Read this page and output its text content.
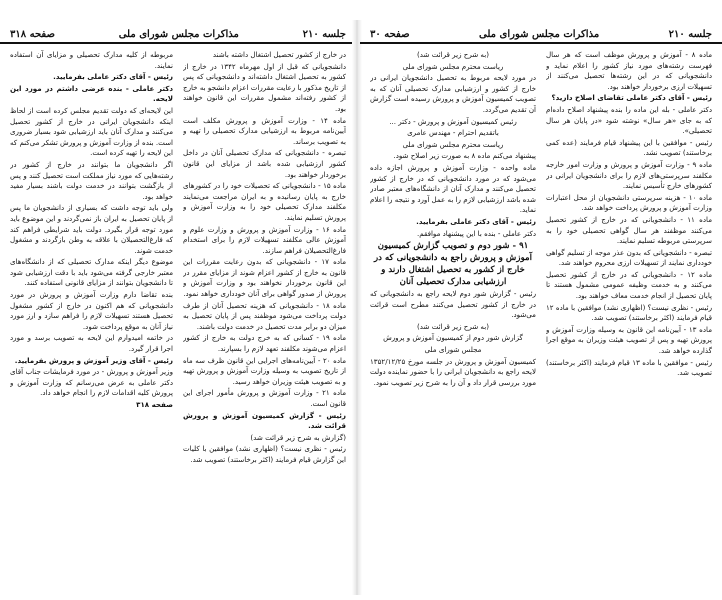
جلسه ۲۱۰
مذاکرات مجلس شورای ملی
صفحه ۳۱۸

در خارج از کشور تحصیل اشتغال داشته باشند

دانشجویانی که قبل از اول مهرماه ۱۳۴۲ در خارج از کشور به تحصیل اشتغال داشته‌اند و دانشجویانی که پس از تاریخ مذکور با رعایت مقررات اعزام دانشجو به خارج از کشور رفته‌اند مشمول مقررات این قانون خواهند بود.

ماده ۱۴ - وزارت آموزش و پرورش مکلف است آیین‌نامه مربوط به ارزشیابی مدارک تحصیلی را تهیه و به تصویب برساند.

تبصره - دانشجویانی که مدارک تحصیلی آنان در داخل کشور ارزشیابی شده باشد از مزایای این قانون برخوردار خواهند بود.

ماده ۱۵ - دانشجویانی که تحصیلات خود را در کشورهای خارج به پایان رسانیده و به ایران مراجعت می‌نمایند مکلفند مدارک تحصیلی خود را به وزارت آموزش و پرورش تسلیم نمایند.

ماده ۱۶ - وزارت آموزش و پرورش و وزارت علوم و آموزش عالی مکلفند تسهیلات لازم را برای استخدام فارغ‌التحصیلان فراهم سازند.

ماده ۱۷ - دانشجویانی که بدون رعایت مقررات این قانون به خارج از کشور اعزام شوند از مزایای مقرر در این قانون برخوردار نخواهند بود و وزارت آموزش و پرورش از صدور گواهی برای آنان خودداری خواهد نمود.

ماده ۱۸ - دانشجویانی که هزینه تحصیل آنان از طرف دولت پرداخت می‌شود موظفند پس از پایان تحصیل به میزان دو برابر مدت تحصیل در خدمت دولت باشند.

ماده ۱۹ - کسانی که به خرج دولت به خارج از کشور اعزام می‌شوند مکلفند تعهد لازم را بسپارند.

ماده ۲۰ - آیین‌نامه‌های اجرایی این قانون ظرف سه ماه از تاریخ تصویب به وسیله وزارت آموزش و پرورش تهیه و به تصویب هیئت وزیران خواهد رسید.

ماده ۲۱ - وزارت آموزش و پرورش مأمور اجرای این قانون است.

رئیس - گزارش کمیسیون آموزش و پرورش قرائت شد.

(گزارش به شرح زیر قرائت شد)

رئیس - نظری نیست؟ (اظهاری نشد) موافقین با کلیات این گزارش قیام فرمایند (اکثر برخاستند) تصویب شد.

مربوطه از کلیه مدارک تحصیلی و مزایای آن استفاده نمایند.

رئیس - آقای دکتر عاملی بفرمایید.

دکتر عاملی - بنده عرضی داشتم در مورد این لایحه.

این لایحه‌ای که دولت تقدیم مجلس کرده است از لحاظ اینکه دانشجویان ایرانی در خارج از کشور تحصیل می‌کنند و مدارک آنان باید ارزشیابی شود بسیار ضروری است. بنده از وزارت آموزش و پرورش تشکر می‌کنم که این لایحه را تهیه کرده است.

اگر دانشجویان ما بتوانند در خارج از کشور در رشته‌هایی که مورد نیاز مملکت است تحصیل کنند و پس از بازگشت بتوانند در خدمت دولت باشند بسیار مفید خواهد بود.

ولی باید توجه داشت که بسیاری از دانشجویان ما پس از پایان تحصیل به ایران باز نمی‌گردند و این موضوع باید مورد توجه قرار بگیرد. دولت باید شرایطی فراهم کند که فارغ‌التحصیلان با علاقه به وطن بازگردند و مشغول خدمت شوند.

موضوع دیگر اینکه مدارک تحصیلی که از دانشگاه‌های معتبر خارجی گرفته می‌شود باید با دقت ارزشیابی شود تا دانشجویان بتوانند از مزایای قانونی استفاده کنند.

بنده تقاضا دارم وزارت آموزش و پرورش در مورد دانشجویانی که هم اکنون در خارج از کشور مشغول تحصیل هستند تسهیلات لازم را فراهم سازد و ارز مورد نیاز آنان به موقع پرداخت شود.

در خاتمه امیدوارم این لایحه به تصویب برسد و مورد اجرا قرار گیرد.

رئیس - آقای وزیر آموزش و پرورش بفرمایید.

وزیر آموزش و پرورش - در مورد فرمایشات جناب آقای دکتر عاملی به عرض می‌رسانم که وزارت آموزش و پرورش کلیه اقدامات لازم را انجام خواهد داد.

صفحه ۳۱۸

جلسه ۲۱۰
مذاکرات مجلس شورای ملی
صفحه ۳۰

ماده ۸ - آموزش و پرورش موظف است که هر سال فهرست رشته‌های مورد نیاز کشور را اعلام نماید و دانشجویانی که در این رشته‌ها تحصیل می‌کنند از تسهیلات ارزی برخوردار خواهند بود.

رئیس - آقای دکتر عاملی تقاضای اصلاح دارید؟

دکتر عاملی - بله این ماده را بنده پیشنهاد اصلاح داده‌ام که به جای «هر سال» نوشته شود «در پایان هر سال تحصیلی».

رئیس - موافقین با این پیشنهاد قیام فرمایند (عده کمی برخاستند) تصویب نشد.

ماده ۹ - وزارت آموزش و پرورش و وزارت امور خارجه مکلفند سرپرستی‌های لازم را برای دانشجویان ایرانی در کشورهای خارج تأسیس نمایند.

ماده ۱۰ - هزینه سرپرستی دانشجویان از محل اعتبارات وزارت آموزش و پرورش پرداخت خواهد شد.

ماده ۱۱ - دانشجویانی که در خارج از کشور تحصیل می‌کنند موظفند هر سال گواهی تحصیلی خود را به سرپرستی مربوطه تسلیم نمایند.

تبصره - دانشجویانی که بدون عذر موجه از تسلیم گواهی خودداری نمایند از تسهیلات ارزی محروم خواهند شد.

ماده ۱۲ - دانشجویانی که در خارج از کشور تحصیل می‌کنند و به خدمت وظیفه عمومی مشمول هستند تا پایان تحصیل از انجام خدمت معاف خواهند بود.

رئیس - نظری نیست؟ (اظهاری نشد) موافقین با ماده ۱۲ قیام فرمایند (اکثر برخاستند) تصویب شد.

ماده ۱۳ - آیین‌نامه این قانون به وسیله وزارت آموزش و پرورش تهیه و پس از تصویب هیئت وزیران به موقع اجرا گذارده خواهد شد.

رئیس - موافقین با ماده ۱۳ قیام فرمایند (اکثر برخاستند) تصویب شد.

(به شرح زیر قرائت شد)

ریاست محترم مجلس شورای ملی

در مورد لایحه مربوط به تحصیل دانشجویان ایرانی در خارج از کشور و ارزشیابی مدارک تحصیلی آنان که به تصویب کمیسیون آموزش و پرورش رسیده است گزارش آن تقدیم می‌گردد.

رئیس کمیسیون آموزش و پرورش - دکتر ...

باتقدیم احترام - مهندس عامری

ریاست محترم مجلس شورای ملی

پیشنهاد می‌کنم ماده ۸ به صورت زیر اصلاح شود.

ماده واحده - وزارت آموزش و پرورش اجازه داده می‌شود که در مورد دانشجویانی که در خارج از کشور تحصیل می‌کنند و مدارک آنان از دانشگاه‌های معتبر صادر شده باشد ارزشیابی لازم را به عمل آورد و نتیجه را اعلام نماید.

رئیس - آقای دکتر عاملی بفرمایید.

دکتر عاملی - بنده با این پیشنهاد موافقم.

۹۱ - شور دوم و تصویب گزارش کمیسیون آموزش و پرورش راجع به دانشجویانی که در خارج از کشور به تحصیل اشتغال دارند و ارزشیابی مدارک تحصیلی آنان

رئیس - گزارش شور دوم لایحه راجع به دانشجویانی که در خارج از کشور تحصیل می‌کنند مطرح است قرائت می‌شود.

(به شرح زیر قرائت شد)

گزارش شور دوم از کمیسیون آموزش و پرورش

مجلس شورای ملی

کمیسیون آموزش و پرورش در جلسه مورخ ۱۳۵۲/۱۲/۲۵ لایحه راجع به دانشجویان ایرانی را با حضور نماینده دولت مورد بررسی قرار داد و آن را به شرح زیر تصویب نمود.
